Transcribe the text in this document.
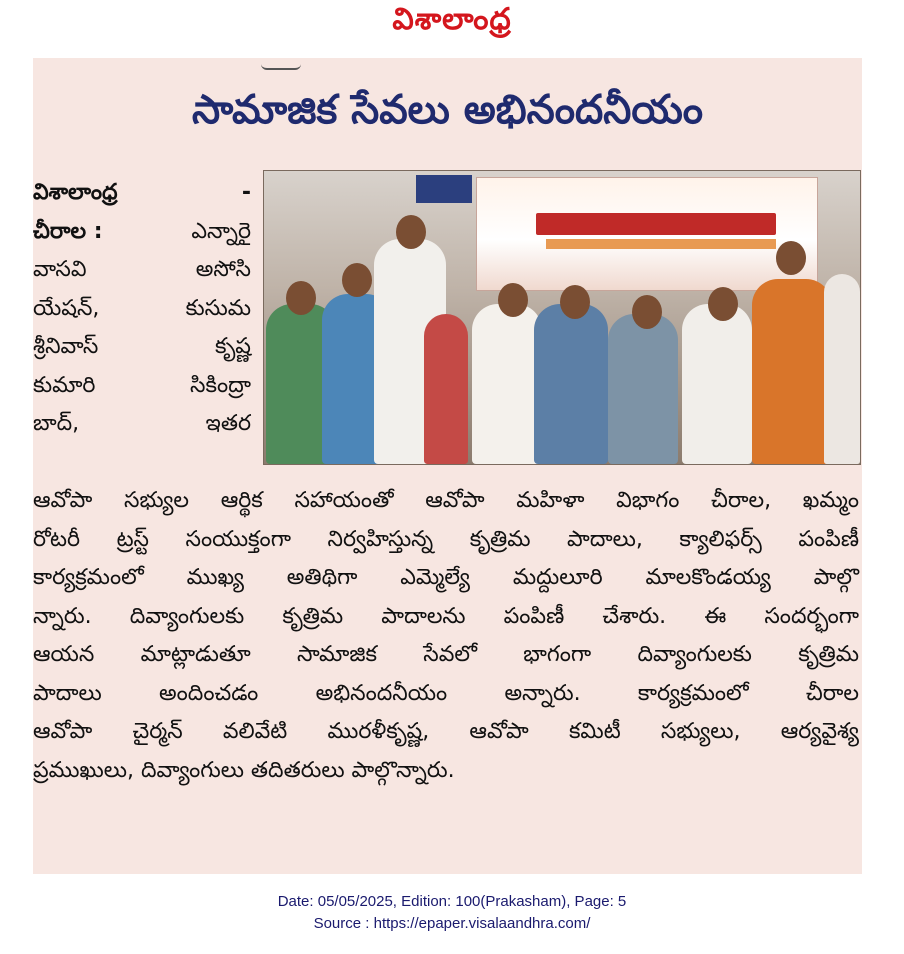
విశాలాంధ్ర
సామాజిక సేవలు అభినందనీయం
విశాలాంధ్ర	-
చీరాల :	ఎన్నారై
వాసవి అసోసి
యేషన్, కుసుమ
శ్రీనివాస్ కృష్ణ
కుమారి సికింద్రా
బాద్, ఇతర
ఆవోపా సభ్యుల ఆర్థిక సహాయంతో ఆవోపా మహిళా విభాగం చీరాల, ఖమ్మం
రోటరీ ట్రస్ట్ సంయుక్తంగా నిర్వహిస్తున్న కృత్రిమ పాదాలు, క్యాలిఫర్స్ పంపిణీ
కార్యక్రమంలో ముఖ్య అతిథిగా ఎమ్మెల్యే మద్దులూరి మాలకొండయ్య పాల్గొ
న్నారు. దివ్యాంగులకు కృత్రిమ పాదాలను పంపిణీ చేశారు. ఈ సందర్భంగా
ఆయన మాట్లాడుతూ సామాజిక సేవలో భాగంగా దివ్యాంగులకు కృత్రిమ
పాదాలు అందించడం అభినందనీయం అన్నారు. కార్యక్రమంలో చీరాల
ఆవోపా చైర్మన్ వలివేటి మురళీకృష్ణ, ఆవోపా కమిటీ సభ్యులు, ఆర్యవైశ్య
ప్రముఖులు, దివ్యాంగులు తదితరులు పాల్గొన్నారు.
Date: 05/05/2025, Edition: 100(Prakasham), Page: 5
Source : https://epaper.visalaandhra.com/
